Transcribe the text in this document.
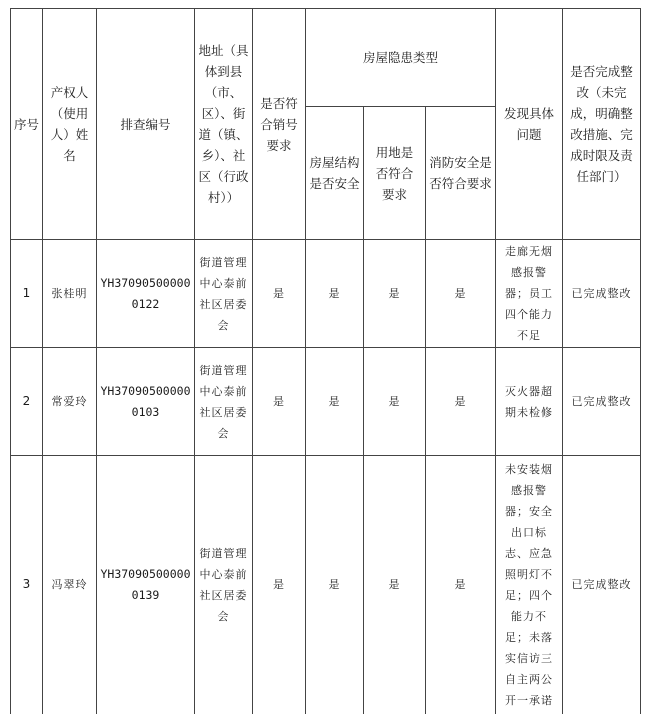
序号	产权人（使用人）姓名	排查编号	地址（具体到县（市、区）、街道（镇、乡）、社区（行政村））	是否符合销号要求	房屋隐患类型			发现具体问题	是否完成整改（未完成，明确整改措施、完成时限及责任部门）
					房屋结构是否安全	用地是否符合要求	消防安全是否符合要求		
1	张桂明	YH370905000000122	街道管理中心泰前社区居委会	是	是	是	是	走廊无烟感报警器；员工四个能力不足	已完成整改
2	常爱玲	YH370905000000103	街道管理中心泰前社区居委会	是	是	是	是	灭火器超期未检修	已完成整改
3	冯翠玲	YH370905000000139	街道管理中心泰前社区居委会	是	是	是	是	未安装烟感报警器；安全出口标志、应急照明灯不足；四个能力不足；未落实信访三自主两公开一承诺	已完成整改
